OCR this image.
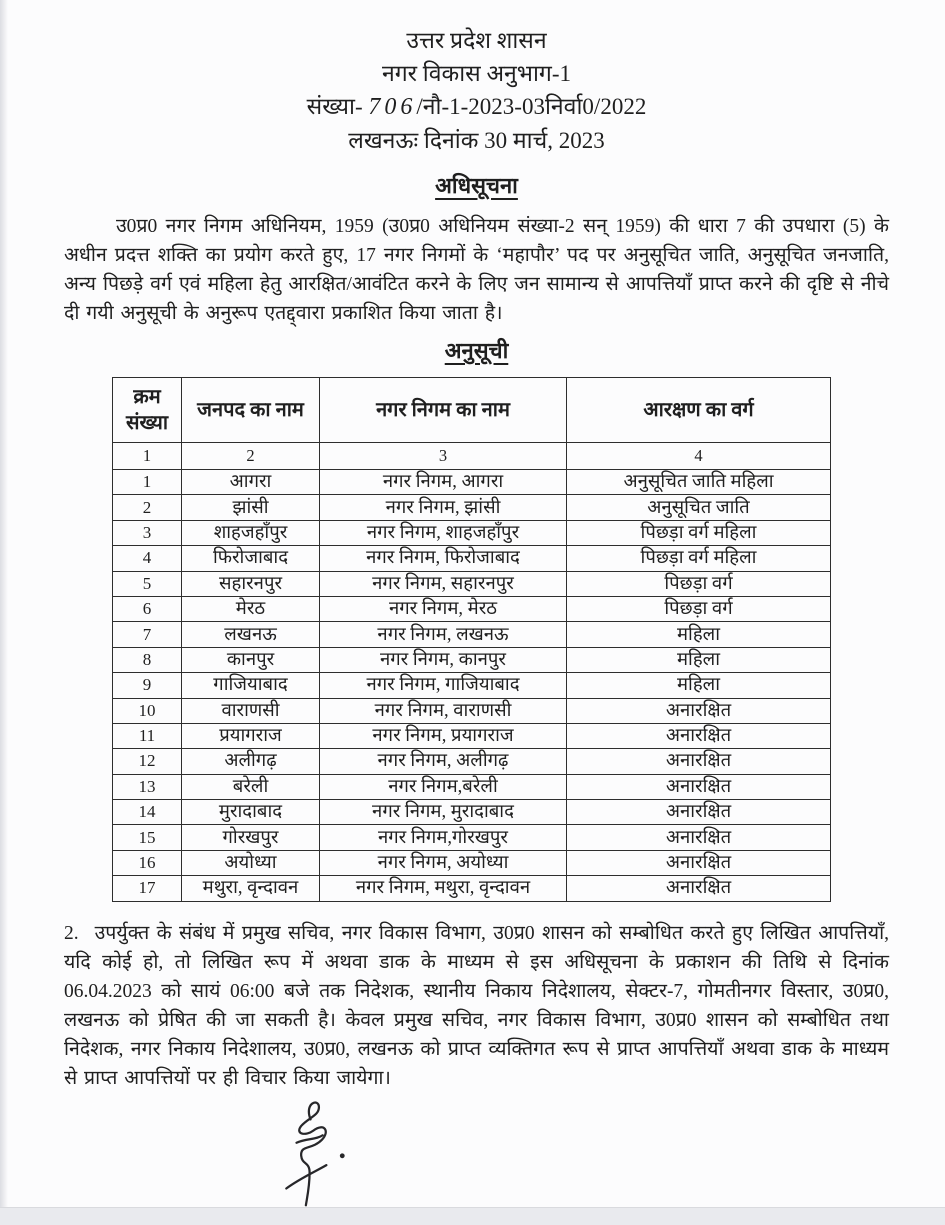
उत्तर प्रदेश शासन
नगर विकास अनुभाग-1
संख्या- 706/नौ-1-2023-03निर्वा0/2022
लखनऊः दिनांक 30 मार्च, 2023
अधिसूचना

उ0प्र0 नगर निगम अधिनियम, 1959 (उ0प्र0 अधिनियम संख्या-2 सन् 1959) की धारा 7 की उपधारा (5) के अधीन प्रदत्त शक्ति का प्रयोग करते हुए, 17 नगर निगमों के ‘महापौर’ पद पर अनुसूचित जाति, अनुसूचित जनजाति, अन्य पिछड़े वर्ग एवं महिला हेतु आरक्षित/आवंटित करने के लिए जन सामान्य से आपत्तियाँ प्राप्त करने की दृष्टि से नीचे दी गयी अनुसूची के अनुरूप एतद्द्वारा प्रकाशित किया जाता है।

अनुसूची
क्रम संख्या	जनपद का नाम	नगर निगम का नाम	आरक्षण का वर्ग
1	2	3	4
1	आगरा	नगर निगम, आगरा	अनुसूचित जाति महिला
2	झांसी	नगर निगम, झांसी	अनुसूचित जाति
3	शाहजहाँपुर	नगर निगम, शाहजहाँपुर	पिछड़ा वर्ग महिला
4	फिरोजाबाद	नगर निगम, फिरोजाबाद	पिछड़ा वर्ग महिला
5	सहारनपुर	नगर निगम, सहारनपुर	पिछड़ा वर्ग
6	मेरठ	नगर निगम, मेरठ	पिछड़ा वर्ग
7	लखनऊ	नगर निगम, लखनऊ	महिला
8	कानपुर	नगर निगम, कानपुर	महिला
9	गाजियाबाद	नगर निगम, गाजियाबाद	महिला
10	वाराणसी	नगर निगम, वाराणसी	अनारक्षित
11	प्रयागराज	नगर निगम, प्रयागराज	अनारक्षित
12	अलीगढ़	नगर निगम, अलीगढ़	अनारक्षित
13	बरेली	नगर निगम,बरेली	अनारक्षित
14	मुरादाबाद	नगर निगम, मुरादाबाद	अनारक्षित
15	गोरखपुर	नगर निगम,गोरखपुर	अनारक्षित
16	अयोध्या	नगर निगम, अयोध्या	अनारक्षित
17	मथुरा, वृन्दावन	नगर निगम, मथुरा, वृन्दावन	अनारक्षित

2. उपर्युक्त के संबंध में प्रमुख सचिव, नगर विकास विभाग, उ0प्र0 शासन को सम्बोधित करते हुए लिखित आपत्तियाँ, यदि कोई हो, तो लिखित रूप में अथवा डाक के माध्यम से इस अधिसूचना के प्रकाशन की तिथि से दिनांक 06.04.2023 को सायं 06:00 बजे तक निदेशक, स्थानीय निकाय निदेशालय, सेक्टर-7, गोमतीनगर विस्तार, उ0प्र0, लखनऊ को प्रेषित की जा सकती है। केवल प्रमुख सचिव, नगर विकास विभाग, उ0प्र0 शासन को सम्बोधित तथा निदेशक, नगर निकाय निदेशालय, उ0प्र0, लखनऊ को प्राप्त व्यक्तिगत रूप से प्राप्त आपत्तियाँ अथवा डाक के माध्यम से प्राप्त आपत्तियों पर ही विचार किया जायेगा।
